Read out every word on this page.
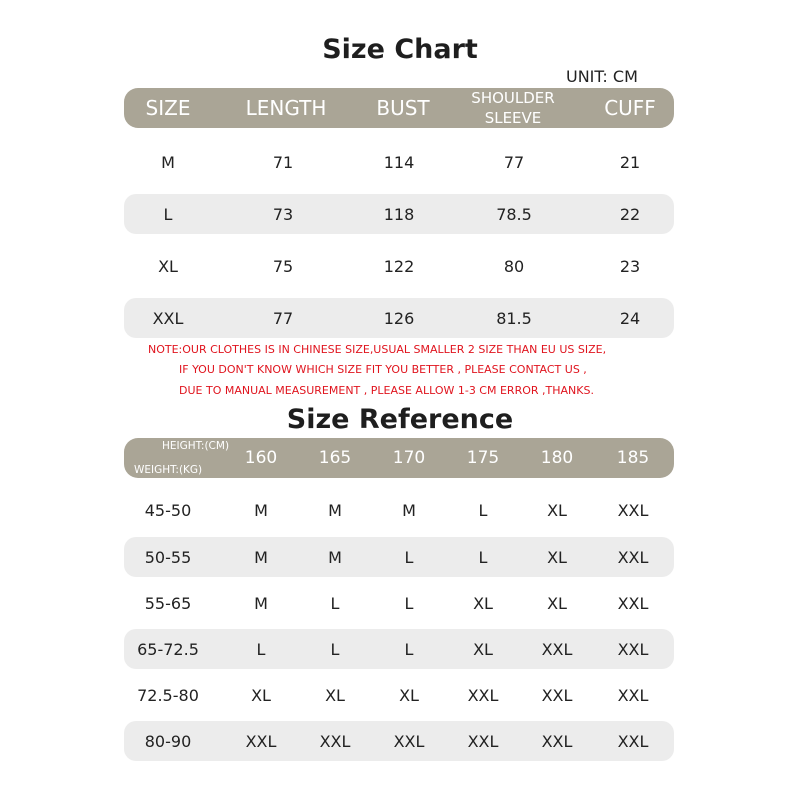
Size Chart
UNIT: CM
SIZE	LENGTH	BUST	SHOULDER SLEEVE	CUFF
M	71	114	77	21
L	73	118	78.5	22
XL	75	122	80	23
XXL	77	126	81.5	24
NOTE:OUR CLOTHES IS IN CHINESE SIZE,USUAL SMALLER 2 SIZE THAN EU US SIZE,
IF YOU DON'T KNOW WHICH SIZE FIT YOU BETTER , PLEASE CONTACT US ,
DUE TO MANUAL MEASUREMENT , PLEASE ALLOW 1-3 CM ERROR ,THANKS.
Size Reference
HEIGHT:(CM)
WEIGHT:(KG)
160	165	170	175	180	185
45-50	M	M	M	L	XL	XXL
50-55	M	M	L	L	XL	XXL
55-65	M	L	L	XL	XL	XXL
65-72.5	L	L	L	XL	XXL	XXL
72.5-80	XL	XL	XL	XXL	XXL	XXL
80-90	XXL	XXL	XXL	XXL	XXL	XXL
